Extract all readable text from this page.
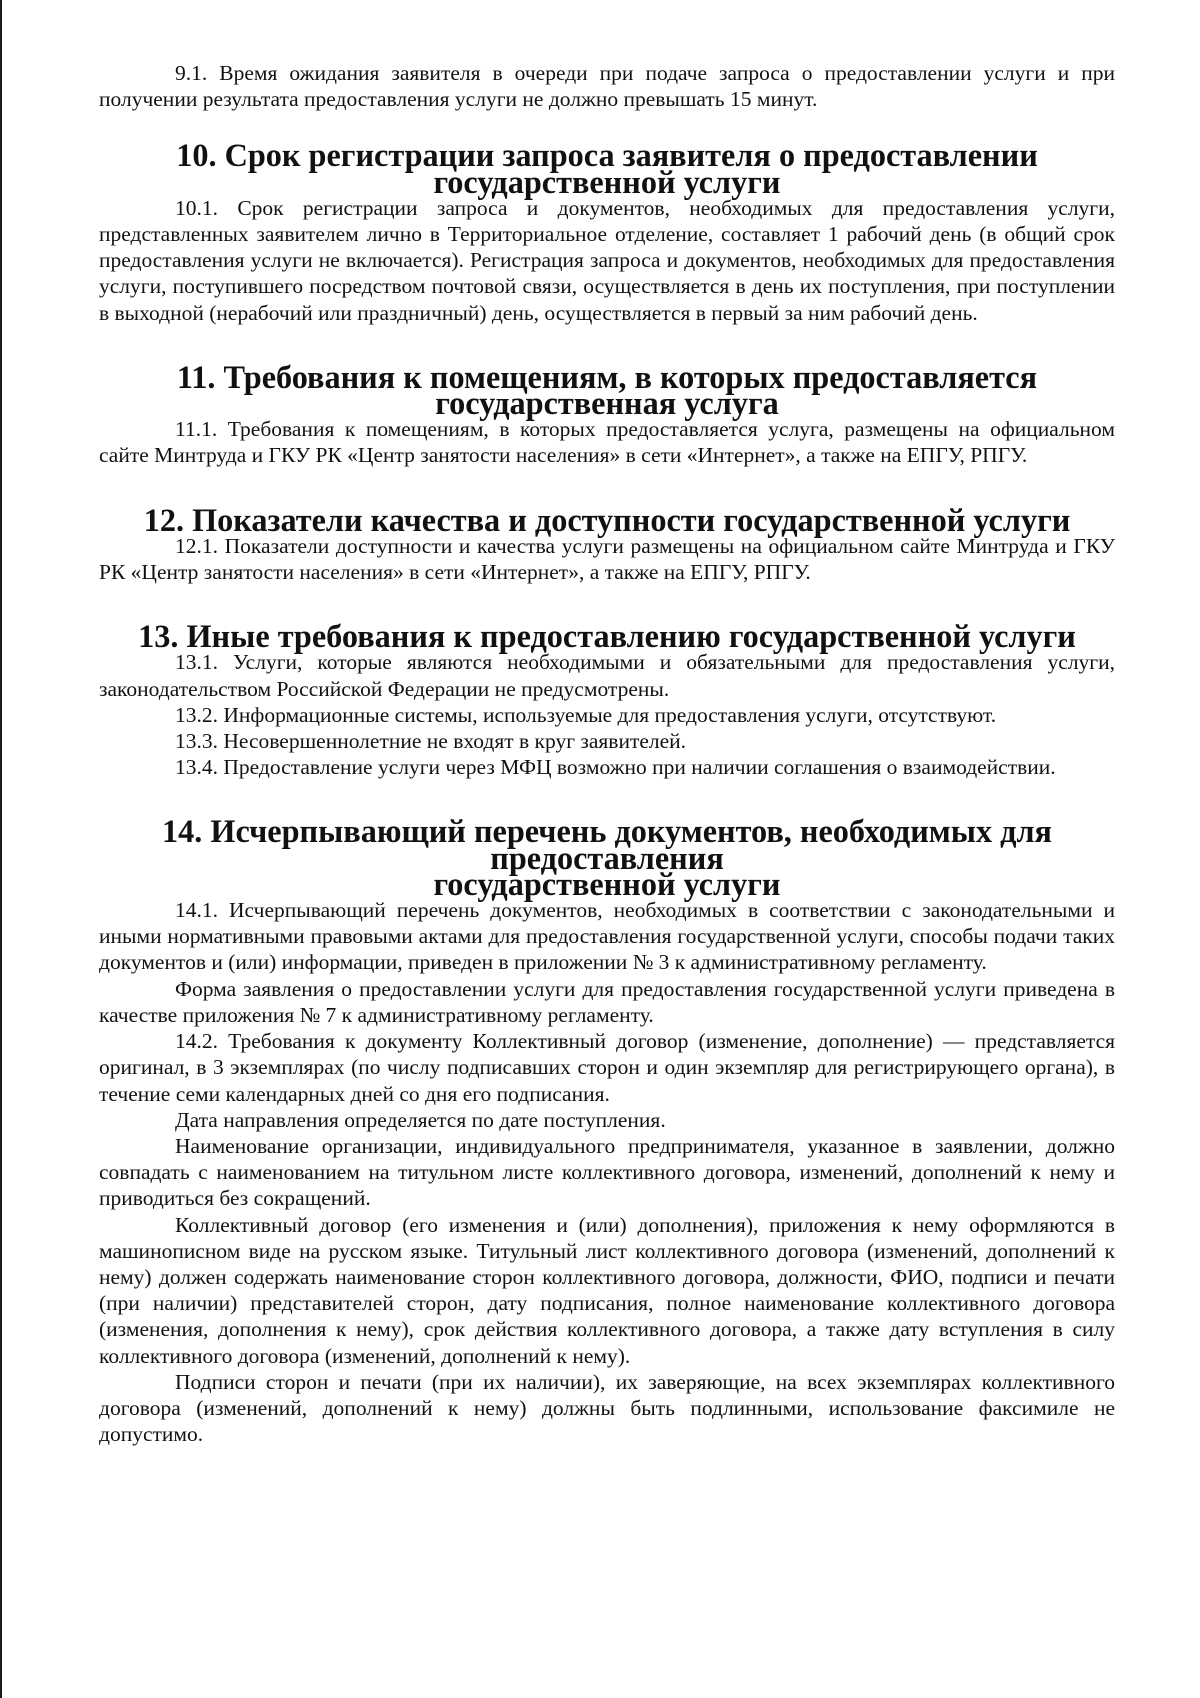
9.1. Время ожидания заявителя в очереди при подаче запроса о предоставлении услуги и при получении результата предоставления услуги не должно превышать 15 минут.

10. Срок регистрации запроса заявителя о предоставлении государственной услуги

10.1. Срок регистрации запроса и документов, необходимых для предоставления услуги, представленных заявителем лично в Территориальное отделение, составляет 1 рабочий день (в общий срок предоставления услуги не включается). Регистрация запроса и документов, необходимых для предоставления услуги, поступившего посредством почтовой связи, осуществляется в день их поступления, при поступлении в выходной (нерабочий или праздничный) день, осуществляется в первый за ним рабочий день.

11. Требования к помещениям, в которых предоставляется государственная услуга

11.1. Требования к помещениям, в которых предоставляется услуга, размещены на официальном сайте Минтруда и ГКУ РК «Центр занятости населения» в сети «Интернет», а также на ЕПГУ, РПГУ.

12. Показатели качества и доступности государственной услуги

12.1. Показатели доступности и качества услуги размещены на официальном сайте Минтруда и ГКУ РК «Центр занятости населения» в сети «Интернет», а также на ЕПГУ, РПГУ.

13. Иные требования к предоставлению государственной услуги

13.1. Услуги, которые являются необходимыми и обязательными для предоставления услуги, законодательством Российской Федерации не предусмотрены.

13.2. Информационные системы, используемые для предоставления услуги, отсутствуют.

13.3. Несовершеннолетние не входят в круг заявителей.

13.4. Предоставление услуги через МФЦ возможно при наличии соглашения о взаимодействии.

14. Исчерпывающий перечень документов, необходимых для предоставления
государственной услуги

14.1. Исчерпывающий перечень документов, необходимых в соответствии с законодательными и иными нормативными правовыми актами для предоставления государственной услуги, способы подачи таких документов и (или) информации, приведен в приложении № 3 к административному регламенту.

Форма заявления о предоставлении услуги для предоставления государственной услуги приведена в качестве приложения № 7 к административному регламенту.

14.2. Требования к документу Коллективный договор (изменение, дополнение) — представляется оригинал, в 3 экземплярах (по числу подписавших сторон и один экземпляр для регистрирующего органа), в течение семи календарных дней со дня его подписания.

Дата направления определяется по дате поступления.

Наименование организации, индивидуального предпринимателя, указанное в заявлении, должно совпадать с наименованием на титульном листе коллективного договора, изменений, дополнений к нему и приводиться без сокращений.

Коллективный договор (его изменения и (или) дополнения), приложения к нему оформляются в машинописном виде на русском языке. Титульный лист коллективного договора (изменений, дополнений к нему) должен содержать наименование сторон коллективного договора, должности, ФИО, подписи и печати (при наличии) представителей сторон, дату подписания, полное наименование коллективного договора (изменения, дополнения к нему), срок действия коллективного договора, а также дату вступления в силу коллективного договора (изменений, дополнений к нему).

Подписи сторон и печати (при их наличии), их заверяющие, на всех экземплярах коллективного договора (изменений, дополнений к нему) должны быть подлинными, использование факсимиле не допустимо.
